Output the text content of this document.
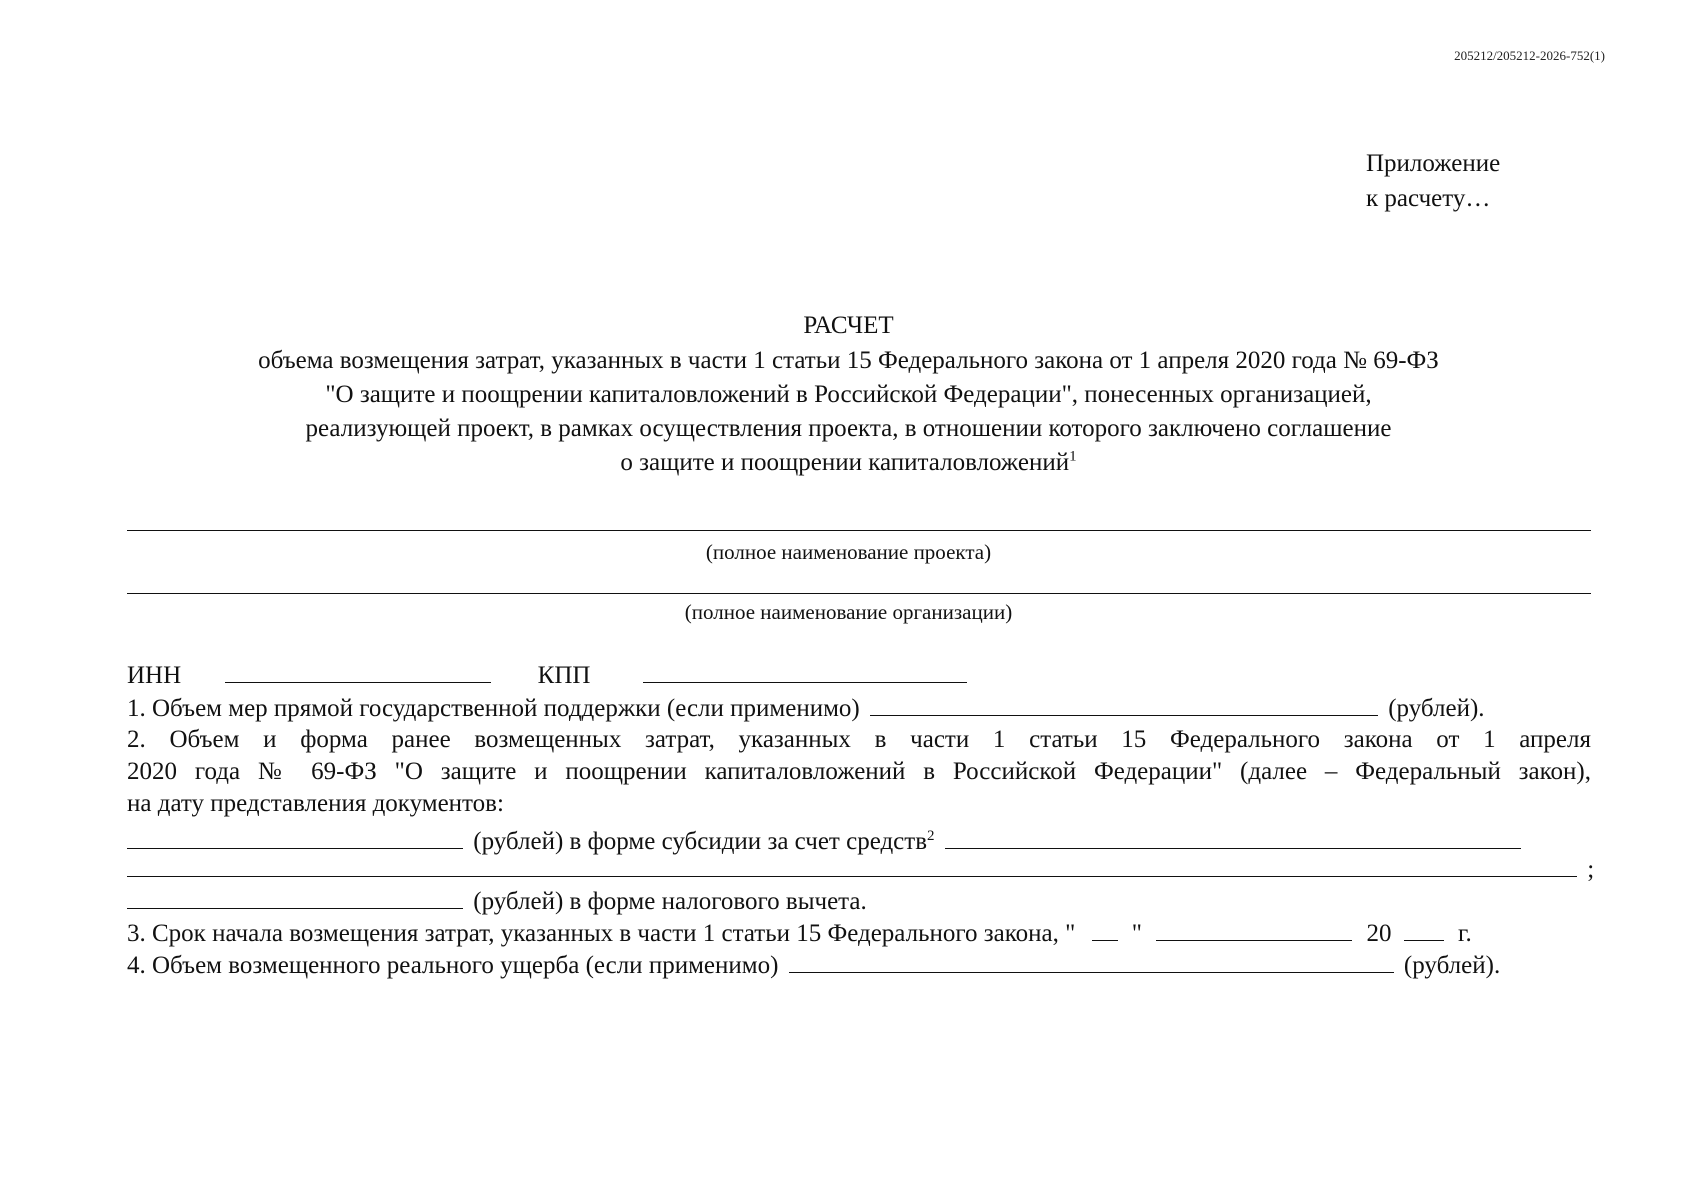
205212/205212-2026-752(1)
Приложение
к расчету…
РАСЧЕТ
объема возмещения затрат, указанных в части 1 статьи 15 Федерального закона от 1 апреля 2020 года № 69-ФЗ
"О защите и поощрении капиталовложений в Российской Федерации", понесенных организацией,
реализующей проект, в рамках осуществления проекта, в отношении которого заключено соглашение
о защите и поощрении капиталовложений$^1$
(полное наименование проекта)
(полное наименование организации)
ИНН	КПП
1. Объем мер прямой государственной поддержки (если применимо)	(рублей).
2. Объем и форма ранее возмещенных затрат, указанных в части 1 статьи 15 Федерального закона от 1 апреля
2020 года № 69-ФЗ "О защите и поощрении капиталовложений в Российской Федерации" (далее – Федеральный закон),
на дату представления документов:
(рублей) в форме субсидии за счет средств$^2$
;
(рублей) в форме налогового вычета.
3. Срок начала возмещения затрат, указанных в части 1 статьи 15 Федерального закона, " "	20	г.
4. Объем возмещенного реального ущерба (если применимо)	(рублей).
